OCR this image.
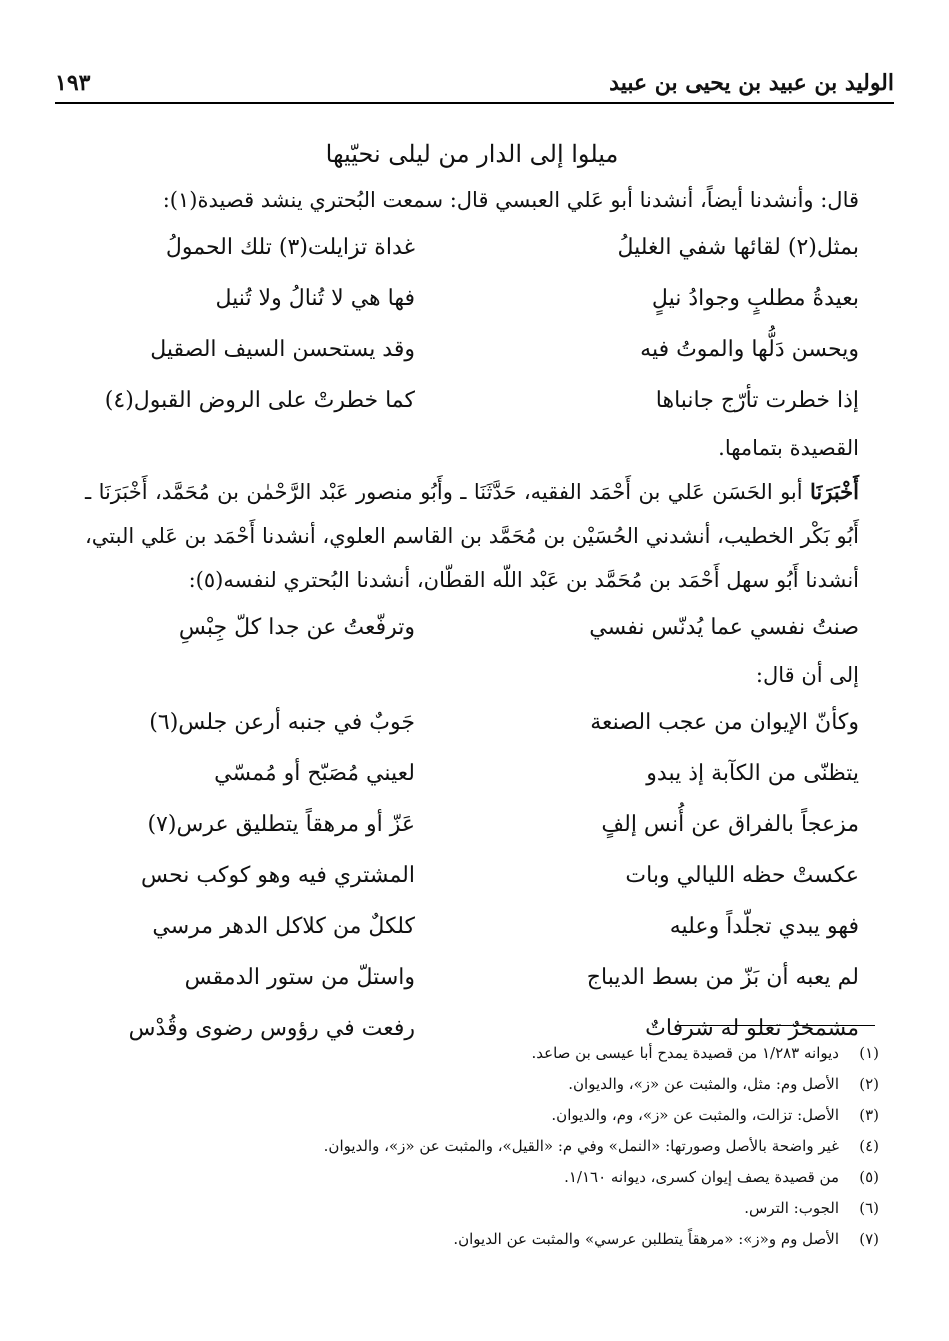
الوليد بن عبيد بن يحيى بن عبيد
١٩٣
ميلوا إلى الدار من ليلى نحيّيها

قال: وأنشدنا أيضاً، أنشدنا أبو عَلي العبسي قال: سمعت البُحتري ينشد قصيدة(١):

بمثل(٢) لقائها شفي الغليلُ
غداة تزايلت(٣) تلك الحمولُ
بعيدةُ مطلبٍ وجوادُ نيلٍ
فها هي لا تُنالُ ولا تُنيل
ويحسن دَلُّها والموتُ فيه
وقد يستحسن السيف الصقيل
إذا خطرت تأرّج جانباها
كما خطرتْ على الروض القبول(٤)

القصيدة بتمامها.

أَخْبَرَنَا أبو الحَسَن عَلي بن أَحْمَد الفقيه، حَدَّثَنَا ـ وأَبُو منصور عَبْد الرَّحْمٰن بن مُحَمَّد، أَخْبَرَنَا ـ أَبُو بَكْر الخطيب، أنشدني الحُسَيْن بن مُحَمَّد بن القاسم العلوي، أنشدنا أَحْمَد بن عَلي البتي، أنشدنا أَبُو سهل أَحْمَد بن مُحَمَّد بن عَبْد اللّه القطّان، أنشدنا البُحتري لنفسه(٥):

صنتُ نفسي عما يُدنّس نفسي
وترفّعتُ عن جدا كلّ جِبْسِ

إلى أن قال:

وكأنّ الإيوان من عجب الصنعة
جَوبٌ في جنبه أرعن جلس(٦)
يتظنّى من الكآبة إذ يبدو
لعيني مُصَبّح أو مُمسّي
مزعجاً بالفراق عن أُنس إلفٍ
عَزّ أو مرهقاً يتطليق عرس(٧)
عكستْ حظه الليالي وبات
المشتري فيه وهو كوكب نحس
فهو يبدي تجلّداً وعليه
كلكلٌ من كلاكل الدهر مرسي
لم يعبه أن بَزّ من بسط الديباج
واستلّ من ستور الدمقس
مشمخرٌ تعلو له شرفاتٌ
رفعت في رؤوس رضوى وقُدْس
(١)ديوانه ١/٢٨٣ من قصيدة يمدح أبا عيسى بن صاعد.
(٢)الأصل وم: مثل، والمثبت عن «ز»، والديوان.
(٣)الأصل: تزالت، والمثبت عن «ز»، وم، والديوان.
(٤)غير واضحة بالأصل وصورتها: «النمل» وفي م: «القيل»، والمثبت عن «ز»، والديوان.
(٥)من قصيدة يصف إيوان كسرى، ديوانه ١/١٦٠.
(٦)الجوب: الترس.
(٧)الأصل وم و«ز»: «مرهقاً يتطلبن عرسي» والمثبت عن الديوان.
